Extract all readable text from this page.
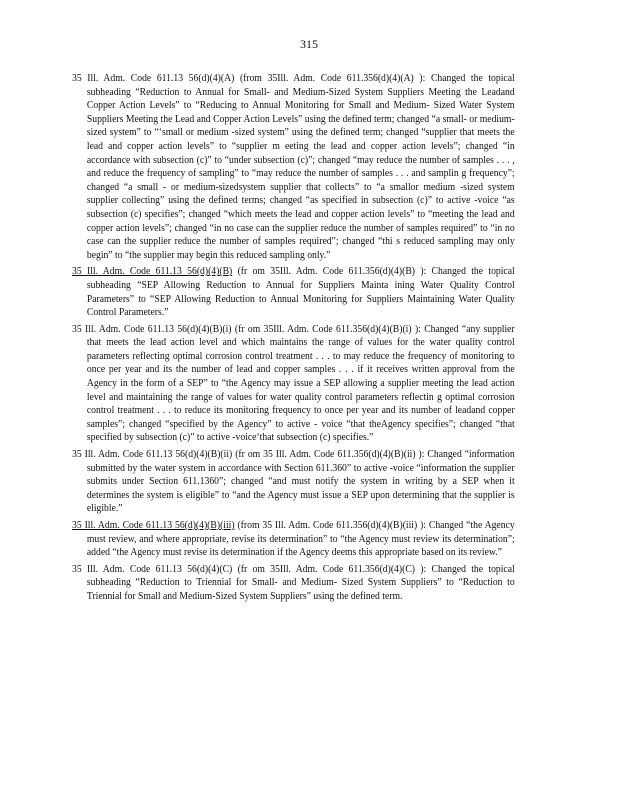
315

35 Ill. Adm. Code 611.13 56(d)(4)(A) (from 35Ill. Adm. Code 611.356(d)(4)(A) ): Changed the topical subheading “Reduction to Annual for Small- and Medium-Sized System Suppliers Meeting the Leadand Copper Action Levels” to “Reducing to Annual Monitoring for Small and Medium- Sized Water System Suppliers Meeting the Lead and Copper Action Levels” using the defined term; changed “a small- or medium- sized system” to “‘small or medium -sized system” using the defined term; changed “supplier that meets the lead and copper action levels” to “supplier m eeting the lead and copper action levels”; changed “in accordance with subsection (c)” to “under subsection (c)”; changed “may reduce the number of samples . . . , and reduce the frequency of sampling” to “may reduce the number of samples . . . and samplin g frequency”; changed “a small - or medium-sizedsystem supplier that collects” to “a smallor medium -sized system supplier collecting” using the defined terms; changed “as specified in subsection (c)” to active -voice “as subsection (c) specifies”; changed “which meets the lead and copper action levels” to “meeting the lead and copper action levels”; changed “in no case can the supplier reduce the number of samples required” to “in no case can the supplier reduce the number of samples required”; changed “thi s reduced sampling may only begin” to “the supplier may begin this reduced sampling only.”

35 Ill. Adm. Code 611.13 56(d)(4)(B) (fr om 35Ill. Adm. Code 611.356(d)(4)(B) ): Changed the topical subheading “SEP Allowing Reduction to Annual for Suppliers Mainta ining Water Quality Control Parameters” to “SEP Allowing Reduction to Annual Monitoring for Suppliers Maintaining Water Quality Control Parameters.”

35 Ill. Adm. Code 611.13 56(d)(4)(B)(i) (fr om 35Ill. Adm. Code 611.356(d)(4)(B)(i) ): Changed “any supplier that meets the lead action level and which maintains the range of values for the water quality control parameters reflecting optimal corrosion control treatment . . . to may reduce the frequency of monitoring to once per year and its the number of lead and copper samples . . . if it receives written approval from the Agency in the form of a SEP” to “the Agency may issue a SEP allowing a supplier meeting the lead action level and maintaining the range of values for water quality control parameters reflectin g optimal corrosion control treatment . . . to reduce its monitoring frequency to once per year and its number of leadand copper samples”; changed “specified by the Agency” to active - voice “that theAgency specifies”; changed “that specified by subsection (c)” to active -voice‘that subsection (c) specifies.”

35 Ill. Adm. Code 611.13 56(d)(4)(B)(ii) (fr om 35 Ill. Adm. Code 611.356(d)(4)(B)(ii) ): Changed “information submitted by the water system in accordance with Section 611.360” to active -voice “information the supplier submits under Section 611.1360”; changed “and must notify the system in writing by a SEP when it determines the system is eligible” to “and the Agency must issue a SEP upon determining that the supplier is eligible.”

35 Ill. Adm. Code 611.13 56(d)(4)(B)(iii) (from 35 Ill. Adm. Code 611.356(d)(4)(B)(iii) ): Changed “the Agency must review, and where appropriate, revise its determination” to “the Agency must review its determination”; added “the Agency must revise its determination if the Agency deems this appropriate based on its review.”

35 Ill. Adm. Code 611.13 56(d)(4)(C) (fr om 35Ill. Adm. Code 611.356(d)(4)(C) ): Changed the topical subheading “Reduction to Triennial for Small- and Medium- Sized System Suppliers” to “Reduction to Triennial for Small and Medium-Sized System Suppliers” using the defined term.
